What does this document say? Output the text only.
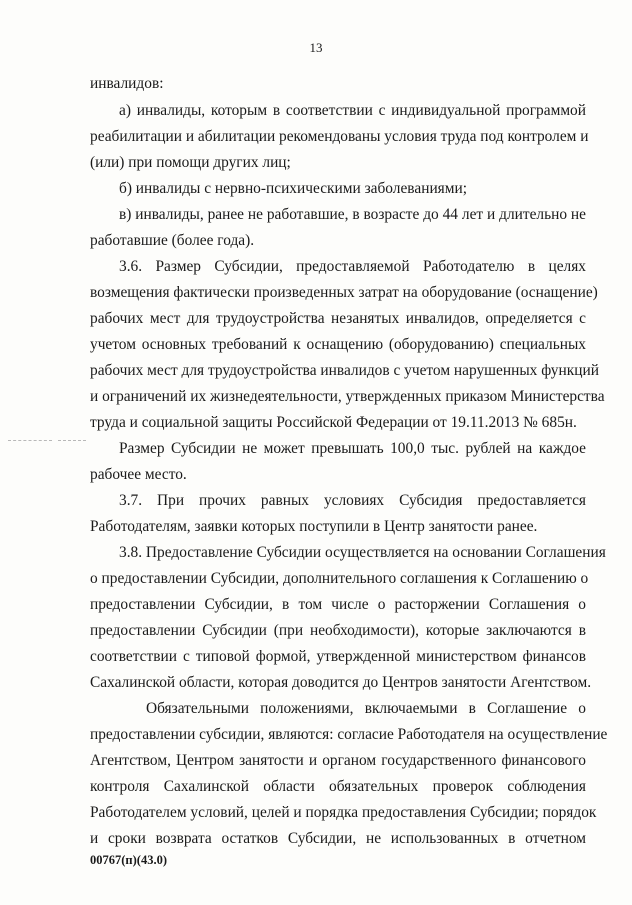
13
инвалидов:
а) инвалиды, которым в соответствии с индивидуальной программой
реабилитации и абилитации рекомендованы условия труда под контролем и
(или) при помощи других лиц;
б) инвалиды с нервно-психическими заболеваниями;
в) инвалиды, ранее не работавшие, в возрасте до 44 лет и длительно не
работавшие (более года).
3.6. Размер Субсидии, предоставляемой Работодателю в целях
возмещения фактически произведенных затрат на оборудование (оснащение)
рабочих мест для трудоустройства незанятых инвалидов, определяется с
учетом основных требований к оснащению (оборудованию) специальных
рабочих мест для трудоустройства инвалидов с учетом нарушенных функций
и ограничений их жизнедеятельности, утвержденных приказом Министерства
труда и социальной защиты Российской Федерации от 19.11.2013 № 685н.
Размер Субсидии не может превышать 100,0 тыс. рублей на каждое
рабочее место.
3.7. При прочих равных условиях Субсидия предоставляется
Работодателям, заявки которых поступили в Центр занятости ранее.
3.8. Предоставление Субсидии осуществляется на основании Соглашения
о предоставлении Субсидии, дополнительного соглашения к Соглашению о
предоставлении Субсидии, в том числе о расторжении Соглашения о
предоставлении Субсидии (при необходимости), которые заключаются в
соответствии с типовой формой, утвержденной министерством финансов
Сахалинской области, которая доводится до Центров занятости Агентством.
Обязательными положениями, включаемыми в Соглашение о
предоставлении субсидии, являются: согласие Работодателя на осуществление
Агентством, Центром занятости и органом государственного финансового
контроля Сахалинской области обязательных проверок соблюдения
Работодателем условий, целей и порядка предоставления Субсидии; порядок
и сроки возврата остатков Субсидии, не использованных в отчетном
00767(п)(43.0)
